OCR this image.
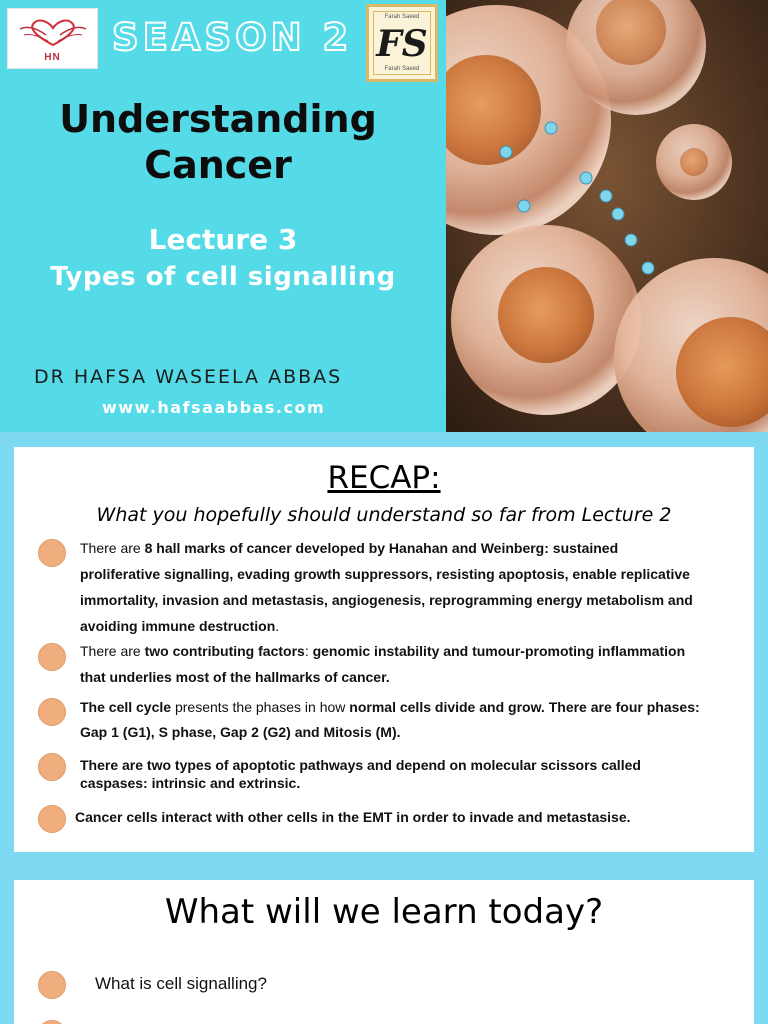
HN	SEASON 2	Farah Saeed
FS
Farah Saeed
Understanding
Cancer
Lecture 3
Types of cell signalling
DR HAFSA WASEELA ABBAS
www.hafsaabbas.com
RECAP:
What you hopefully should understand so far from Lecture 2
There are 8 hall marks of cancer developed by Hanahan and Weinberg: sustained
proliferative signalling, evading growth suppressors, resisting apoptosis, enable replicative
immortality, invasion and metastasis, angiogenesis, reprogramming energy metabolism and
avoiding immune destruction.
There are two contributing factors: genomic instability and tumour-promoting inflammation
that underlies most of the hallmarks of cancer.
The cell cycle presents the phases in how normal cells divide and grow. There are four phases:
Gap 1 (G1), S phase, Gap 2 (G2) and Mitosis (M).
There are two types of apoptotic pathways and depend on molecular scissors called
caspases: intrinsic and extrinsic.
Cancer cells interact with other cells in the EMT in order to invade and metastasise.
What will we learn today?
What is cell signalling?
